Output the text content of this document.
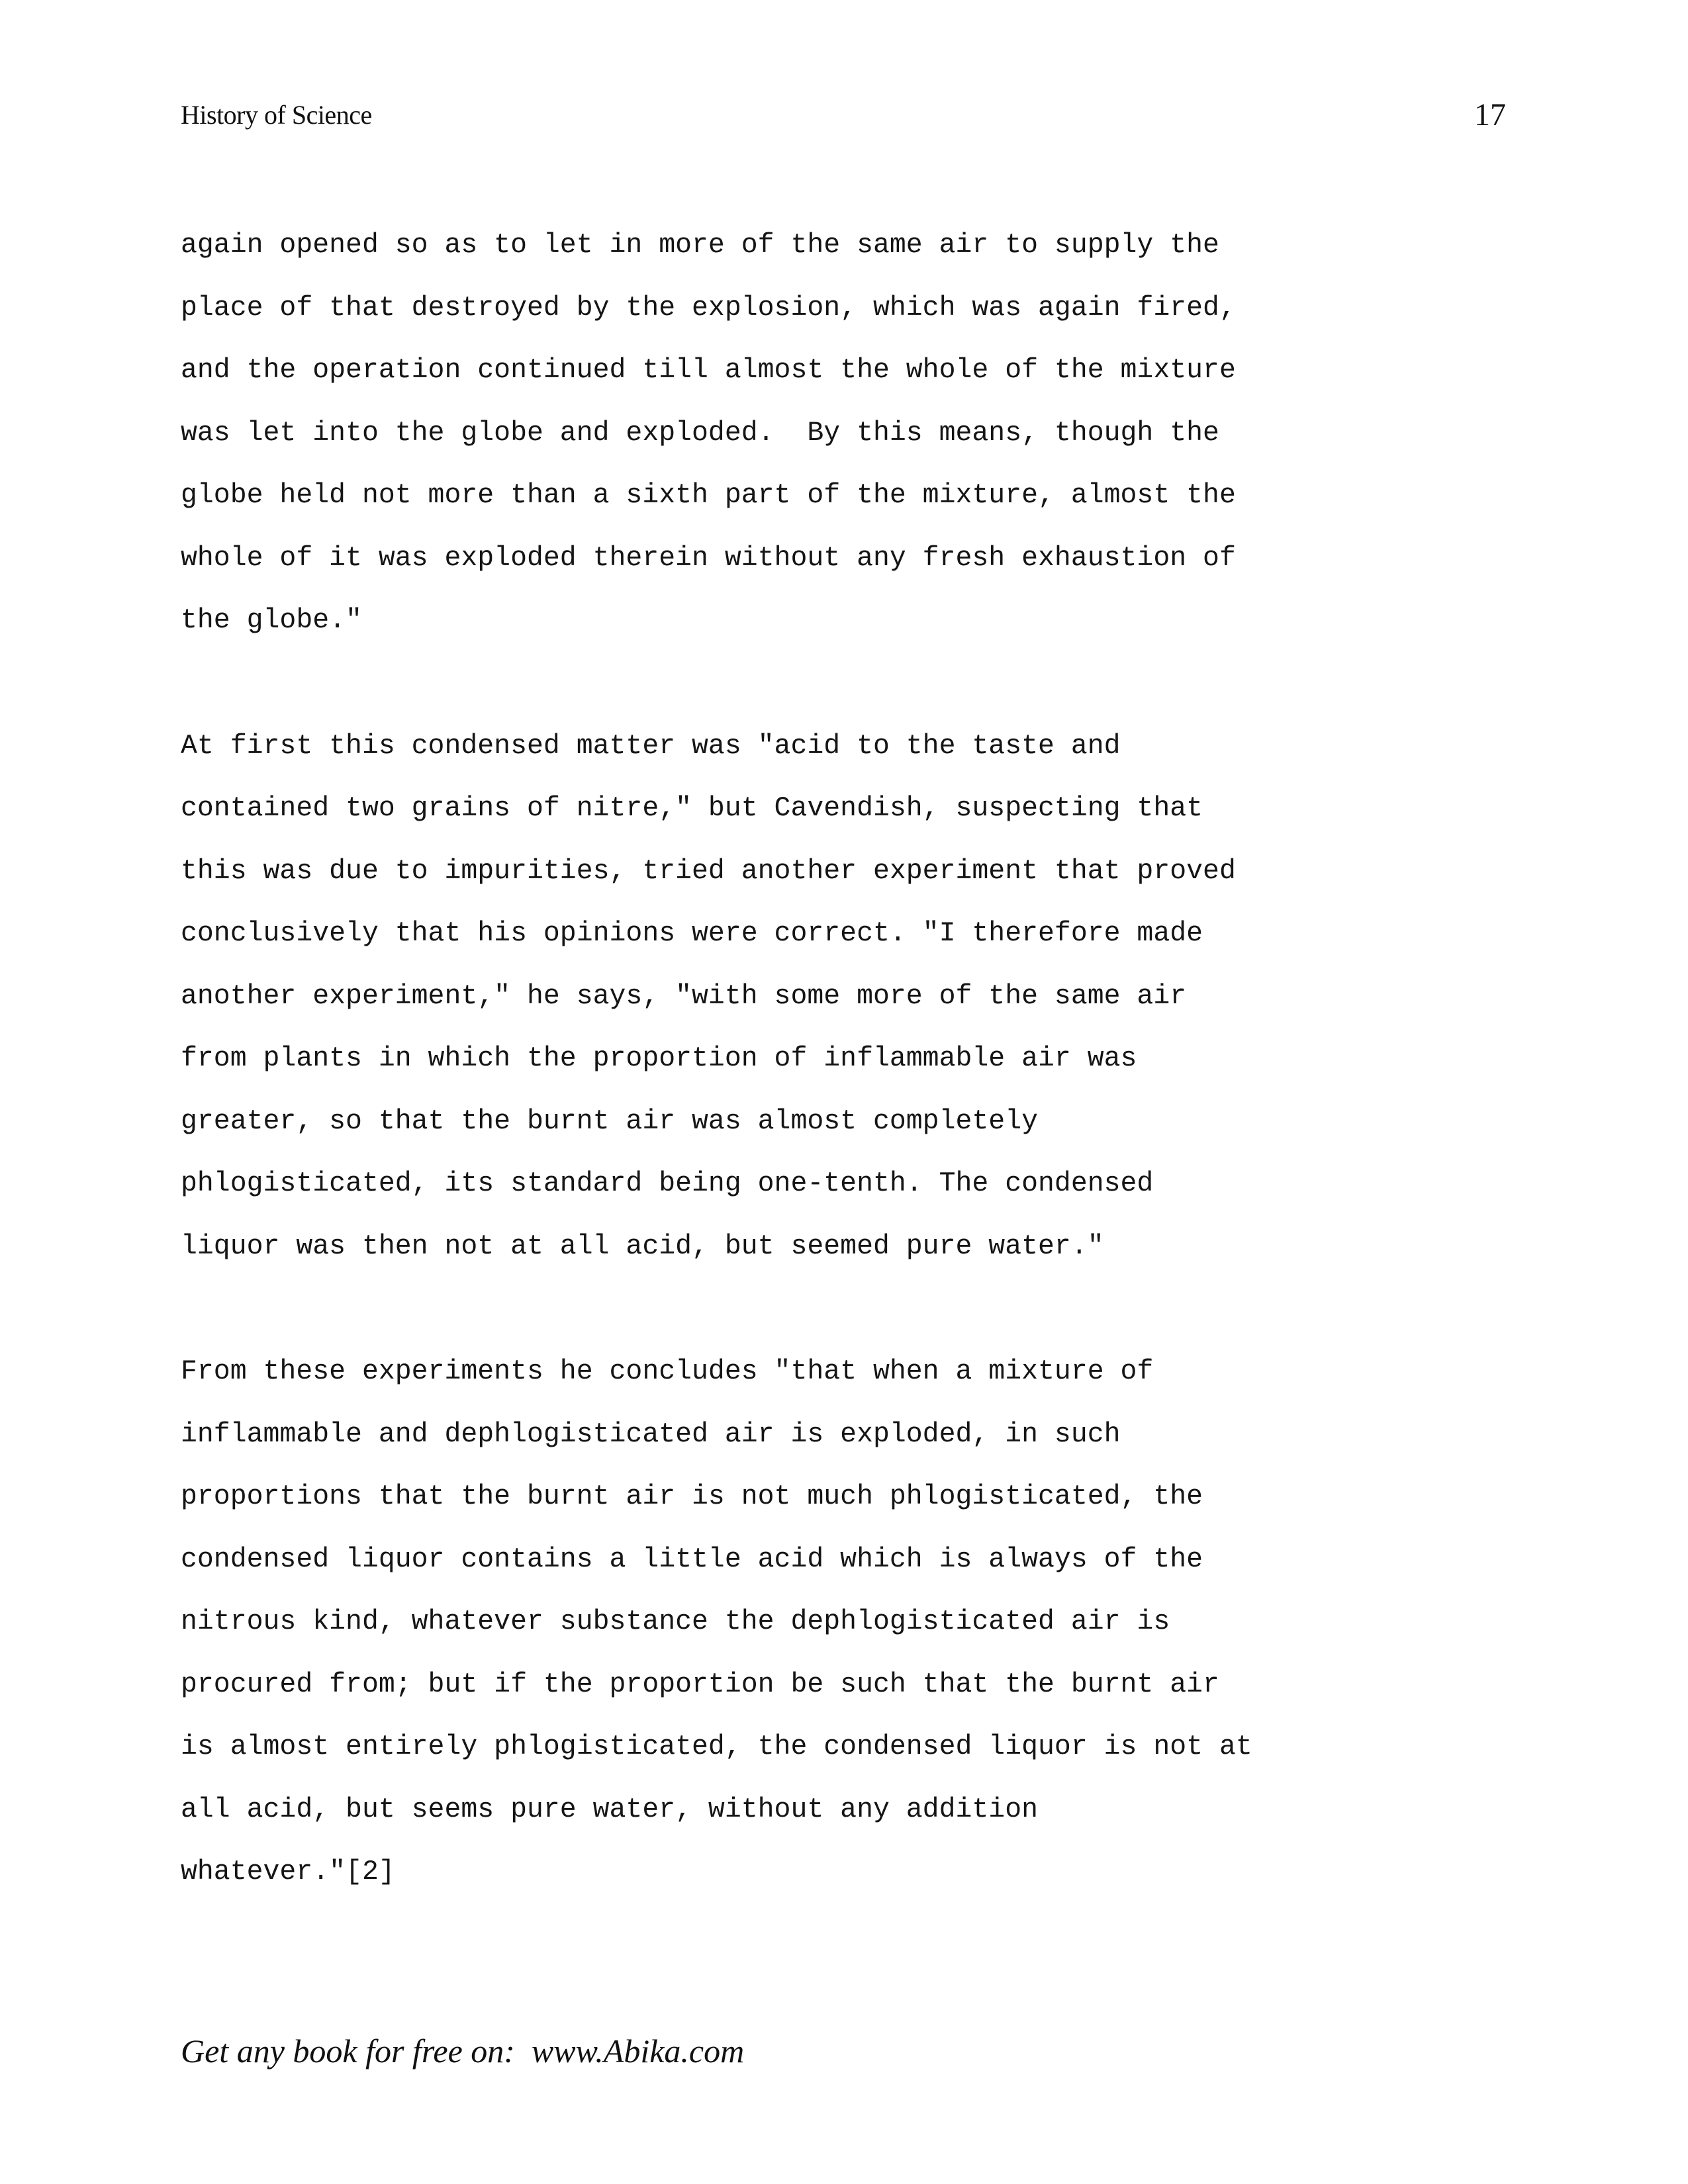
History of Science	17
again opened so as to let in more of the same air to supply the
place of that destroyed by the explosion, which was again fired,
and the operation continued till almost the whole of the mixture
was let into the globe and exploded.  By this means, though the
globe held not more than a sixth part of the mixture, almost the
whole of it was exploded therein without any fresh exhaustion of
the globe."
At first this condensed matter was "acid to the taste and
contained two grains of nitre," but Cavendish, suspecting that
this was due to impurities, tried another experiment that proved
conclusively that his opinions were correct. "I therefore made
another experiment," he says, "with some more of the same air
from plants in which the proportion of inflammable air was
greater, so that the burnt air was almost completely
phlogisticated, its standard being one-tenth. The condensed
liquor was then not at all acid, but seemed pure water."
From these experiments he concludes "that when a mixture of
inflammable and dephlogisticated air is exploded, in such
proportions that the burnt air is not much phlogisticated, the
condensed liquor contains a little acid which is always of the
nitrous kind, whatever substance the dephlogisticated air is
procured from; but if the proportion be such that the burnt air
is almost entirely phlogisticated, the condensed liquor is not at
all acid, but seems pure water, without any addition
whatever."[2]
Get any book for free on:  www.Abika.com
